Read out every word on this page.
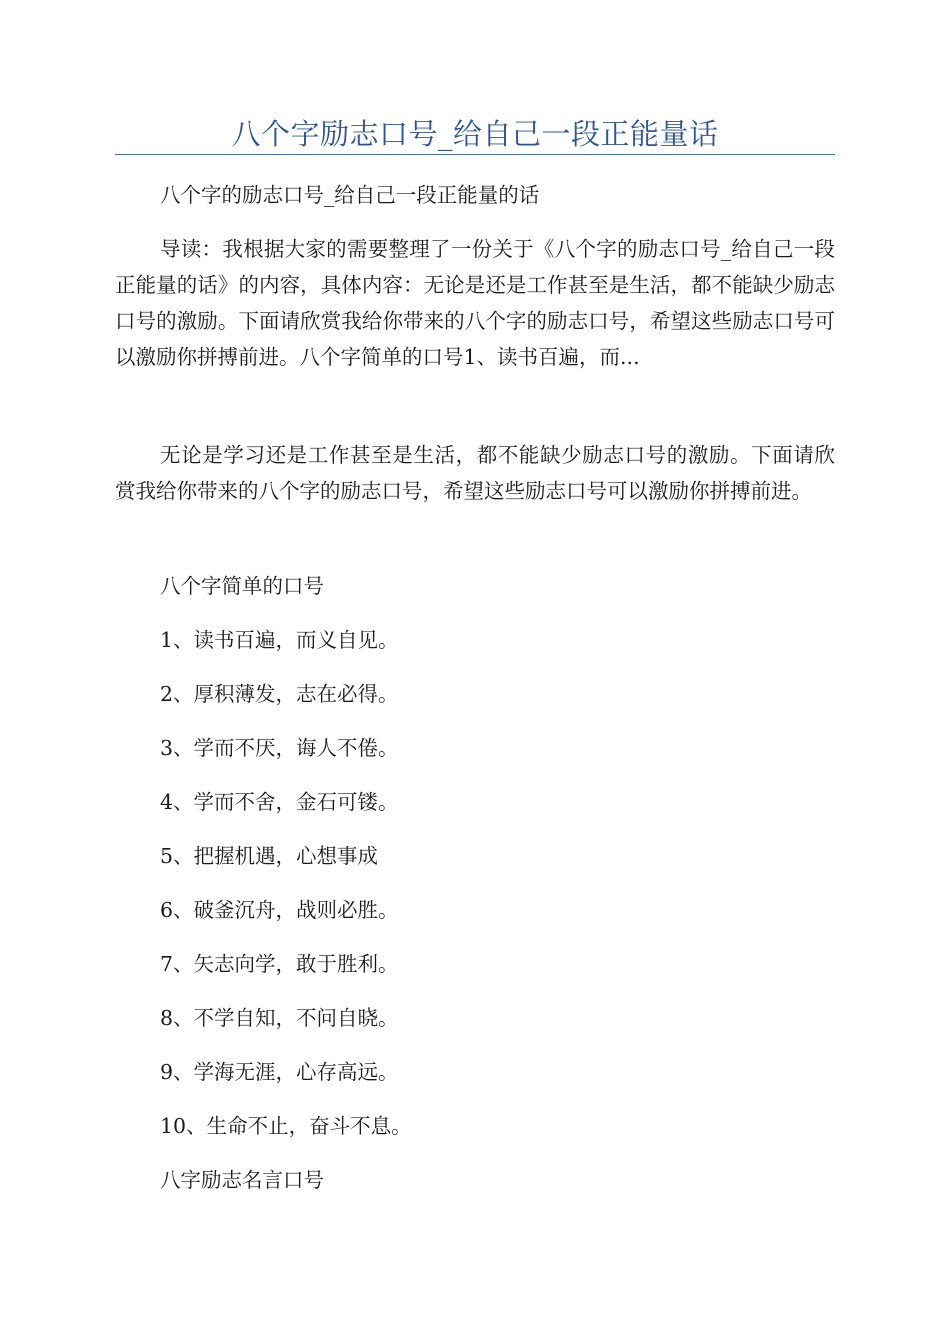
八个字励志口号_给自己一段正能量话

八个字的励志口号_给自己一段正能量的话

导读：我根据大家的需要整理了一份关于《八个字的励志口号_给自己一段正能量的话》的内容，具体内容：无论是还是工作甚至是生活，都不能缺少励志口号的激励。下面请欣赏我给你带来的八个字的励志口号，希望这些励志口号可以激励你拼搏前进。八个字简单的口号1、读书百遍，而...

无论是学习还是工作甚至是生活，都不能缺少励志口号的激励。下面请欣赏我给你带来的八个字的励志口号，希望这些励志口号可以激励你拼搏前进。

八个字简单的口号

1、读书百遍，而义自见。

2、厚积薄发，志在必得。

3、学而不厌，诲人不倦。

4、学而不舍，金石可镂。

5、把握机遇，心想事成

6、破釜沉舟，战则必胜。

7、矢志向学，敢于胜利。

8、不学自知，不问自晓。

9、学海无涯，心存高远。

10、生命不止，奋斗不息。

八字励志名言口号
